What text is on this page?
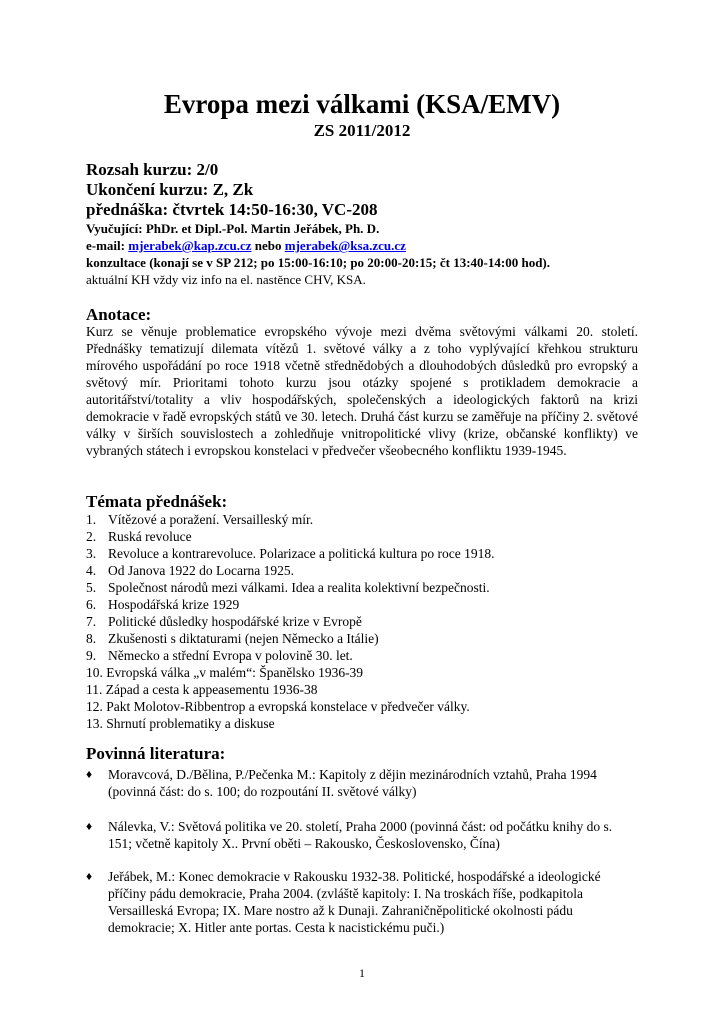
Evropa mezi válkami (KSA/EMV)

ZS 2011/2012

Rozsah kurzu: 2/0
Ukončení kurzu: Z, Zk
přednáška: čtvrtek 14:50-16:30, VC-208
Vyučující: PhDr. et Dipl.-Pol. Martin Jeřábek, Ph. D.
e-mail: mjerabek@kap.zcu.cz nebo mjerabek@ksa.zcu.cz
konzultace (konají se v SP 212; po 15:00-16:10; po 20:00-20:15; čt 13:40-14:00 hod).
aktuální KH vždy viz info na el. nastěnce CHV, KSA.
Anotace:

Kurz se věnuje problematice evropského vývoje mezi dvěma světovými válkami 20. století. Přednášky tematizují dilemata vítězů 1. světové války a z toho vyplývající křehkou strukturu mírového uspořádání po roce 1918 včetně střednědobých a dlouhodobých důsledků pro evropský a světový mír. Prioritami tohoto kurzu jsou otázky spojené s protikladem demokracie a autoritářství/totality a vliv hospodářských, společenských a ideologických faktorů na krizi demokracie v řadě evropských států ve 30. letech. Druhá část kurzu se zaměřuje na příčiny 2. světové války v širších souvislostech a zohledňuje vnitropolitické vlivy (krize, občanské konflikty) ve vybraných státech i evropskou konstelaci v předvečer všeobecného konfliktu 1939-1945.

Témata přednášek:
1. Vítězové a poražení. Versailleský mír.
2. Ruská revoluce
3. Revoluce a kontrarevoluce. Polarizace a politická kultura po roce 1918.
4. Od Janova 1922 do Locarna 1925.
5. Společnost národů mezi válkami. Idea a realita kolektivní bezpečnosti.
6. Hospodářská krize 1929
7. Politické důsledky hospodářské krize v Evropě
8. Zkušenosti s diktaturami (nejen Německo a Itálie)
9. Německo a střední Evropa v polovině 30. let.
10.
Evropská válka „v malém“: Španělsko 1936-39
11.
Západ a cesta k appeasementu 1936-38
12.
Pakt Molotov-Ribbentrop a evropská konstelace v předvečer války.
13.
Shrnutí problematiky a diskuse
Povinná literatura:
♦	Moravcová, D./Bělina, P./Pečenka M.: Kapitoly z dějin mezinárodních vztahů, Praha 1994 (povinná část: do s. 100; do rozpoutání II. světové války)
♦	Nálevka, V.: Světová politika ve 20. století, Praha 2000 (povinná část: od počátku knihy do s. 151; včetně kapitoly X.. První oběti – Rakousko, Československo, Čína)
♦	Jeřábek, M.: Konec demokracie v Rakousku 1932-38. Politické, hospodářské a ideologické příčiny pádu demokracie, Praha 2004. (zvláště kapitoly: I. Na troskách říše, podkapitola Versailleská Evropa; IX. Mare nostro až k Dunaji. Zahraničněpolitické okolnosti pádu demokracie; X. Hitler ante portas. Cesta k nacistickému puči.)

1
